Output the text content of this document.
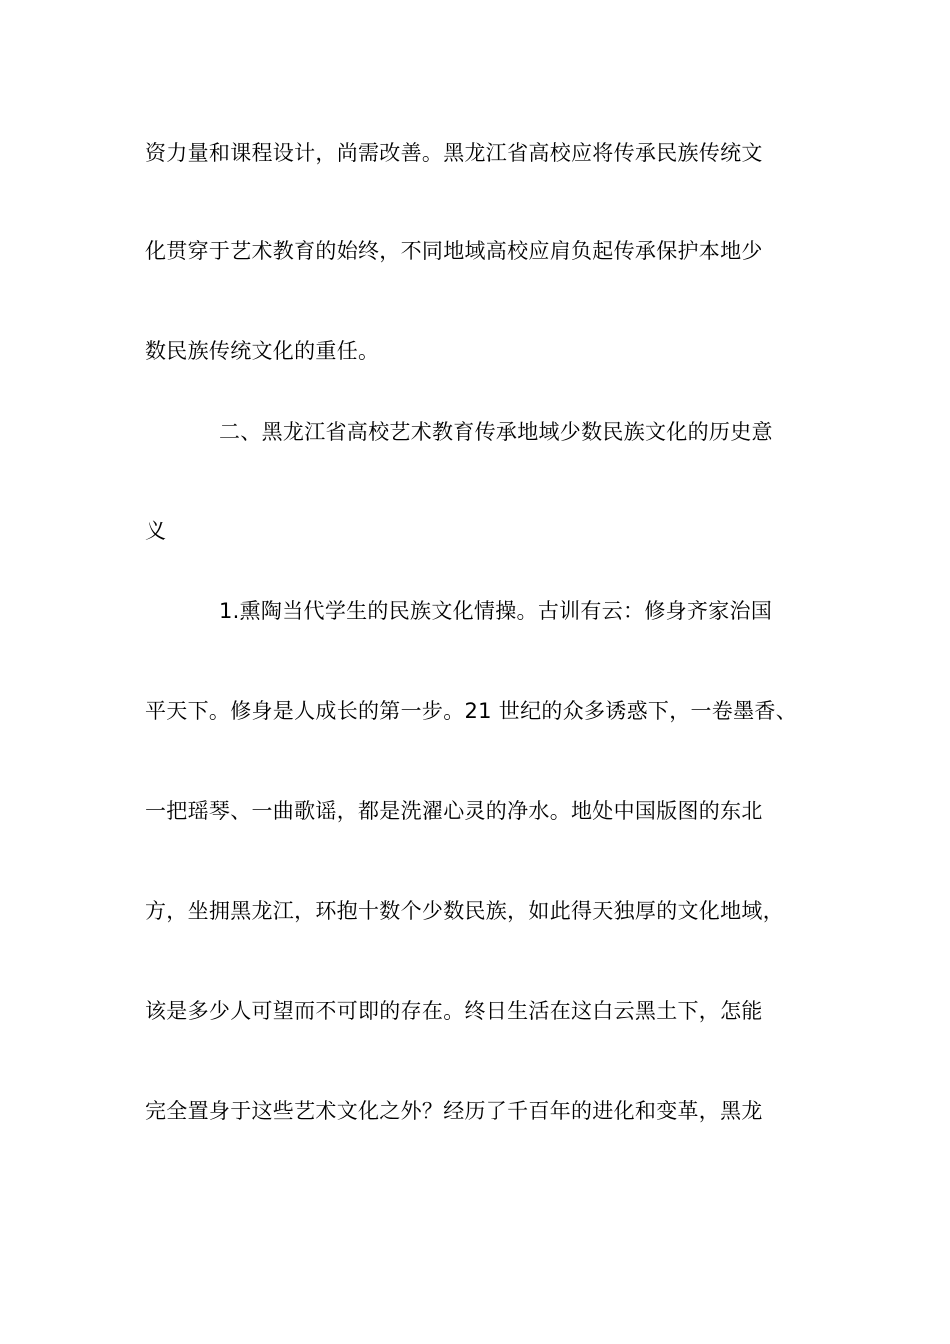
资力量和课程设计，尚需改善。黑龙江省高校应将传承民族传统文
化贯穿于艺术教育的始终，不同地域高校应肩负起传承保护本地少
数民族传统文化的重任。
二、黑龙江省高校艺术教育传承地域少数民族文化的历史意
义
1.熏陶当代学生的民族文化情操。古训有云：修身齐家治国
平天下。修身是人成长的第一步。21 世纪的众多诱惑下，一卷墨香、
一把瑶琴、一曲歌谣，都是洗濯心灵的净水。地处中国版图的东北
方，坐拥黑龙江，环抱十数个少数民族，如此得天独厚的文化地域，
该是多少人可望而不可即的存在。终日生活在这白云黑土下，怎能
完全置身于这些艺术文化之外？经历了千百年的进化和变革，黑龙
